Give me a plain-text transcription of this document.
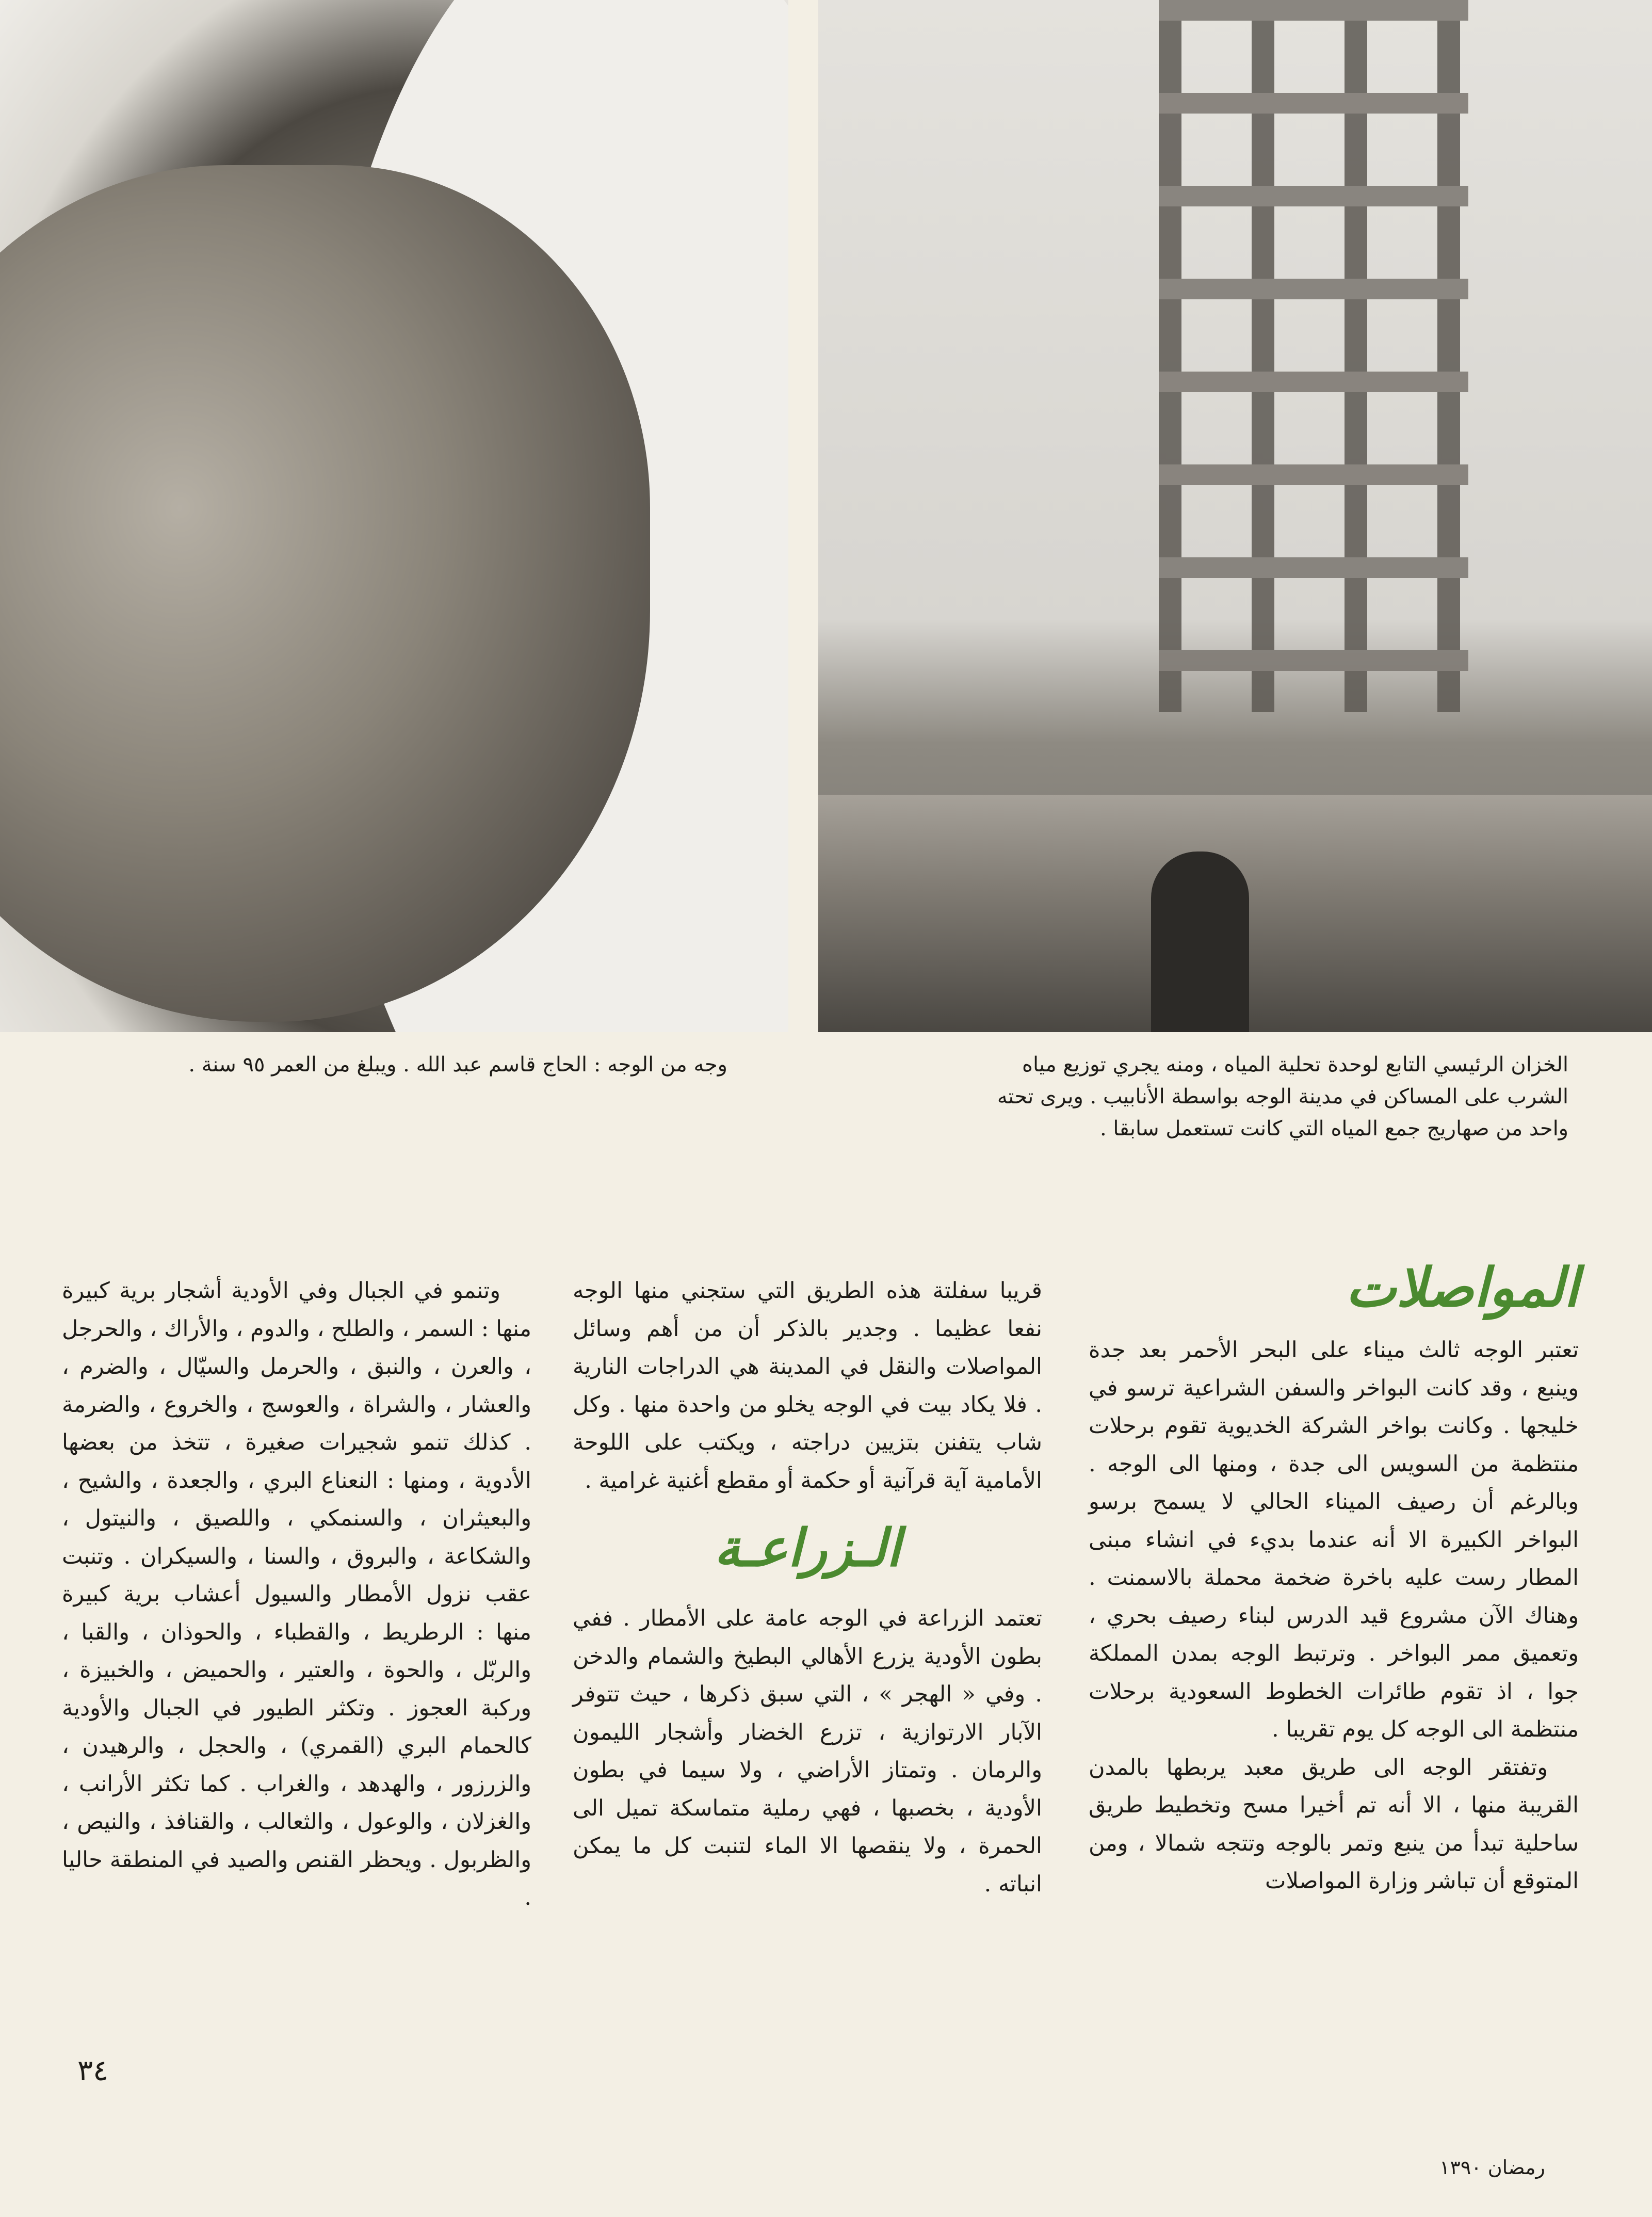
وجه من الوجه : الحاج قاسم عبد الله . ويبلغ من العمر ٩٥ سنة .	الخزان الرئيسي التابع لوحدة تحلية المياه ، ومنه يجري توزيع مياه الشرب على المساكن في مدينة الوجه بواسطة الأنابيب . ويرى تحته واحد من صهاريج جمع المياه التي كانت تستعمل سابقا .
المواصلات

تعتبر الوجه ثالث ميناء على البحر الأحمر بعد جدة وينبع ، وقد كانت البواخر والسفن الشراعية ترسو في خليجها . وكانت بواخر الشركة الخديوية تقوم برحلات منتظمة من السويس الى جدة ، ومنها الى الوجه . وبالرغم أن رصيف الميناء الحالي لا يسمح برسو البواخر الكبيرة الا أنه عندما بديء في انشاء مبنى المطار رست عليه باخرة ضخمة محملة بالاسمنت . وهناك الآن مشروع قيد الدرس لبناء رصيف بحري ، وتعميق ممر البواخر . وترتبط الوجه بمدن المملكة جوا ، اذ تقوم طائرات الخطوط السعودية برحلات منتظمة الى الوجه كل يوم تقريبا .

وتفتقر الوجه الى طريق معبد يربطها بالمدن القريبة منها ، الا أنه تم أخيرا مسح وتخطيط طريق ساحلية تبدأ من ينبع وتمر بالوجه وتتجه شمالا ، ومن المتوقع أن تباشر وزارة المواصلات

قريبا سفلتة هذه الطريق التي ستجني منها الوجه نفعا عظيما . وجدير بالذكر أن من أهم وسائل المواصلات والنقل في المدينة هي الدراجات النارية . فلا يكاد بيت في الوجه يخلو من واحدة منها . وكل شاب يتفنن بتزيين دراجته ، ويكتب على اللوحة الأمامية آية قرآنية أو حكمة أو مقطع أغنية غرامية .

الـزراعـة

تعتمد الزراعة في الوجه عامة على الأمطار . ففي بطون الأودية يزرع الأهالي البطيخ والشمام والدخن . وفي « الهجر » ، التي سبق ذكرها ، حيث تتوفر الآبار الارتوازية ، تزرع الخضار وأشجار الليمون والرمان . وتمتاز الأراضي ، ولا سيما في بطون الأودية ، بخصبها ، فهي رملية متماسكة تميل الى الحمرة ، ولا ينقصها الا الماء لتنبت كل ما يمكن انباته .

وتنمو في الجبال وفي الأودية أشجار برية كبيرة منها : السمر ، والطلح ، والدوم ، والأراك ، والحرجل ، والعرن ، والنبق ، والحرمل والسيّال ، والضرم ، والعشار ، والشراة ، والعوسج ، والخروع ، والضرمة . كذلك تنمو شجيرات صغيرة ، تتخذ من بعضها الأدوية ، ومنها : النعناع البري ، والجعدة ، والشيح ، والبعيثران ، والسنمكي ، واللصيق ، والنيتول ، والشكاعة ، والبروق ، والسنا ، والسيكران . وتنبت عقب نزول الأمطار والسيول أعشاب برية كبيرة منها : الرطريط ، والقطباء ، والحوذان ، والقبا ، والربّل ، والحوة ، والعتير ، والحميض ، والخبيزة ، وركبة العجوز . وتكثر الطيور في الجبال والأودية كالحمام البري (القمري) ، والحجل ، والرهيدن ، والزرزور ، والهدهد ، والغراب . كما تكثر الأرانب ، والغزلان ، والوعول ، والثعالب ، والقنافذ ، والنيص ، والظربول . ويحظر القنص والصيد في المنطقة حاليا .

٣٤
رمضان ١٣٩٠
